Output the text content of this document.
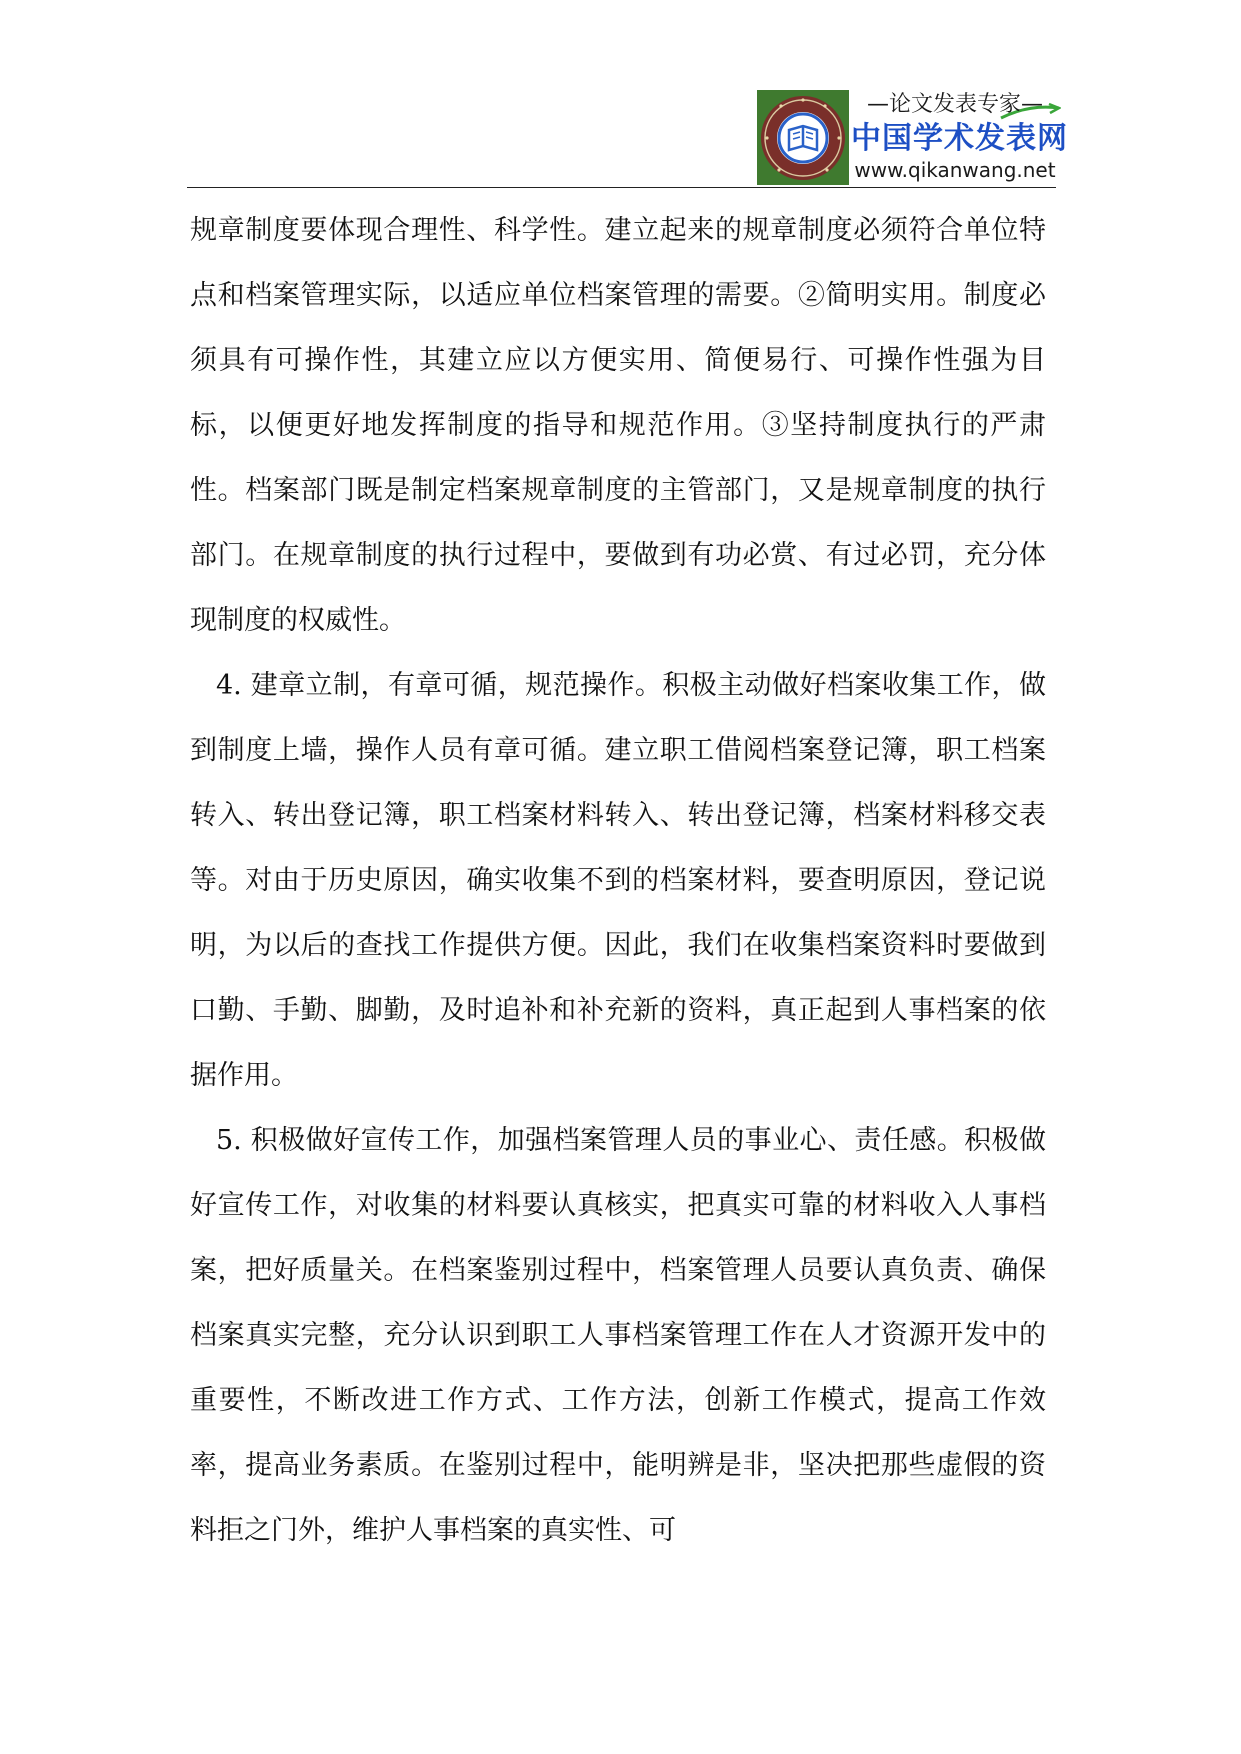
—论文发表专家—
中国学术发表网
www.qikanwang.net

规章制度要体现合理性、科学性。建立起来的规章制度必须符合单位特点和档案管理实际，以适应单位档案管理的需要。②简明实用。制度必须具有可操作性，其建立应以方便实用、简便易行、可操作性强为目标，以便更好地发挥制度的指导和规范作用。③坚持制度执行的严肃性。档案部门既是制定档案规章制度的主管部门，又是规章制度的执行部门。在规章制度的执行过程中，要做到有功必赏、有过必罚，充分体现制度的权威性。

4. 建章立制，有章可循，规范操作。积极主动做好档案收集工作，做到制度上墙，操作人员有章可循。建立职工借阅档案登记簿，职工档案转入、转出登记簿，职工档案材料转入、转出登记簿，档案材料移交表等。对由于历史原因，确实收集不到的档案材料，要查明原因，登记说明，为以后的查找工作提供方便。因此，我们在收集档案资料时要做到口勤、手勤、脚勤，及时追补和补充新的资料，真正起到人事档案的依据作用。

5. 积极做好宣传工作，加强档案管理人员的事业心、责任感。积极做好宣传工作，对收集的材料要认真核实，把真实可靠的材料收入人事档案，把好质量关。在档案鉴别过程中，档案管理人员要认真负责、确保档案真实完整，充分认识到职工人事档案管理工作在人才资源开发中的重要性，不断改进工作方式、工作方法，创新工作模式，提高工作效率，提高业务素质。在鉴别过程中，能明辨是非，坚决把那些虚假的资料拒之门外，维护人事档案的真实性、可
